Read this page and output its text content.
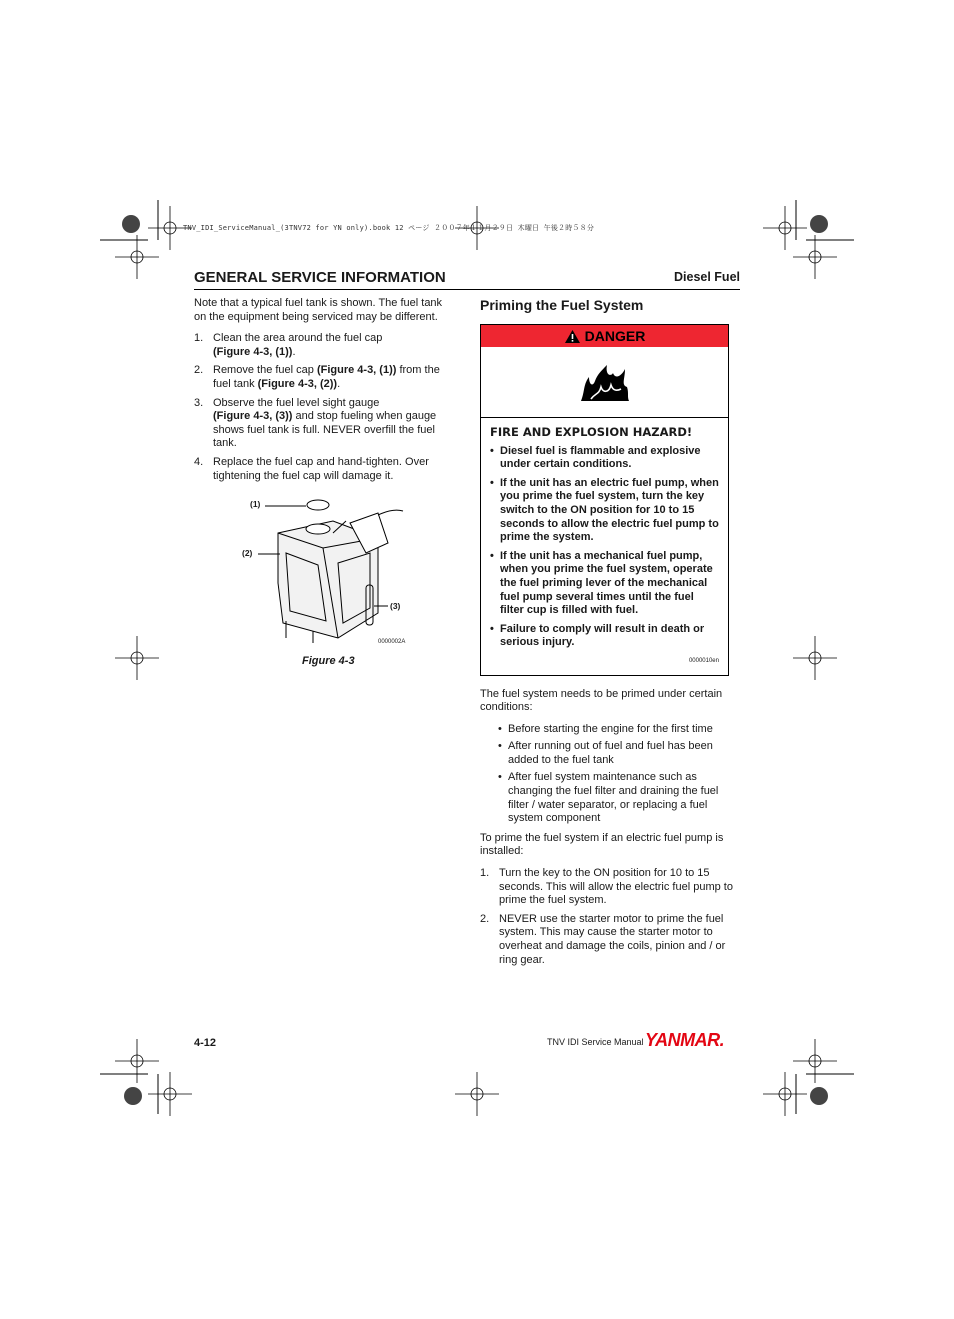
TNV_IDI_ServiceManual_(3TNV72 for YN only).book 12 ページ ２００７年１１月２９日 木曜日 午後２時５８分
GENERAL SERVICE INFORMATION	Diesel Fuel

Note that a typical fuel tank is shown. The fuel tank on the equipment being serviced may be different.

1. Clean the area around the fuel cap
(Figure 4-3, (1)).
2. Remove the fuel cap (Figure 4-3, (1)) from the fuel tank (Figure 4-3, (2)).
3. Observe the fuel level sight gauge
(Figure 4-3, (3)) and stop fueling when gauge shows fuel tank is full. NEVER overfill the fuel tank.
4. Replace the fuel cap and hand-tighten. Over tightening the fuel cap will damage it.
(1)
(2)
(3)
0000002A
Figure 4-3
Priming the Fuel System
DANGER
FIRE AND EXPLOSION HAZARD!
• Diesel fuel is flammable and explosive under certain conditions.
• If the unit has an electric fuel pump, when you prime the fuel system, turn the key switch to the ON position for 10 to 15 seconds to allow the electric fuel pump to prime the system.
• If the unit has a mechanical fuel pump, when you prime the fuel system, operate the fuel priming lever of the mechanical fuel pump several times until the fuel filter cup is filled with fuel.
• Failure to comply will result in death or serious injury.
0000010en

The fuel system needs to be primed under certain conditions:

• Before starting the engine for the first time
• After running out of fuel and fuel has been added to the fuel tank
• After fuel system maintenance such as changing the fuel filter and draining the fuel filter / water separator, or replacing a fuel system component

To prime the fuel system if an electric fuel pump is installed:

1. Turn the key to the ON position for 10 to 15 seconds. This will allow the electric fuel pump to prime the fuel system.
2. NEVER use the starter motor to prime the fuel system. This may cause the starter motor to overheat and damage the coils, pinion and / or ring gear.
4-12	TNV IDI Service Manual YANMAR.
